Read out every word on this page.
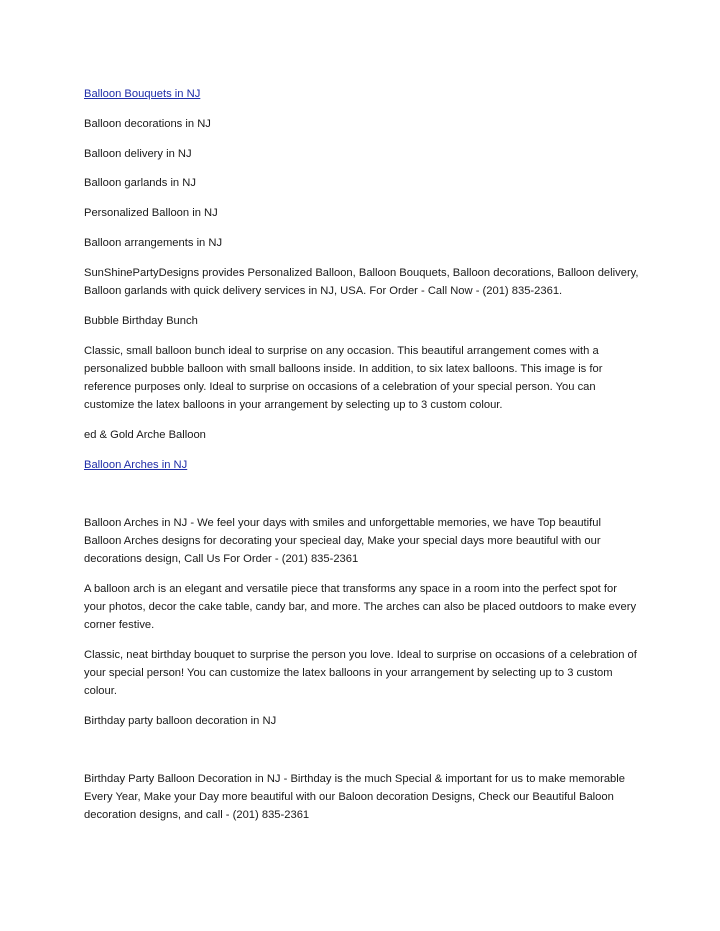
Balloon Bouquets in NJ

Balloon decorations in NJ

Balloon delivery in NJ

Balloon garlands in NJ

Personalized Balloon in NJ

Balloon arrangements in NJ

SunShinePartyDesigns provides Personalized Balloon, Balloon Bouquets, Balloon decorations, Balloon delivery, Balloon garlands with quick delivery services in NJ, USA. For Order - Call Now - (201) 835-2361.

Bubble Birthday Bunch

Classic, small balloon bunch ideal to surprise on any occasion. This beautiful arrangement comes with a personalized bubble balloon with small balloons inside. In addition, to six latex balloons. This image is for reference purposes only. Ideal to surprise on occasions of a celebration of your special person. You can customize the latex balloons in your arrangement by selecting up to 3 custom colour.

ed & Gold Arche Balloon

Balloon Arches in NJ

Balloon Arches in NJ - We feel your days with smiles and unforgettable memories, we have Top beautiful Balloon Arches designs for decorating your specieal day, Make your special days more beautiful with our decorations design, Call Us For Order - (201) 835-2361

A balloon arch is an elegant and versatile piece that transforms any space in a room into the perfect spot for your photos, decor the cake table, candy bar, and more. The arches can also be placed outdoors to make every corner festive.

Classic, neat birthday bouquet to surprise the person you love. Ideal to surprise on occasions of a celebration of your special person! You can customize the latex balloons in your arrangement by selecting up to 3 custom colour.

Birthday party balloon decoration in NJ

Birthday Party Balloon Decoration in NJ - Birthday is the much Special & important for us to make memorable Every Year, Make your Day more beautiful with our Baloon decoration Designs, Check our Beautiful Baloon decoration designs, and call - (201) 835-2361
